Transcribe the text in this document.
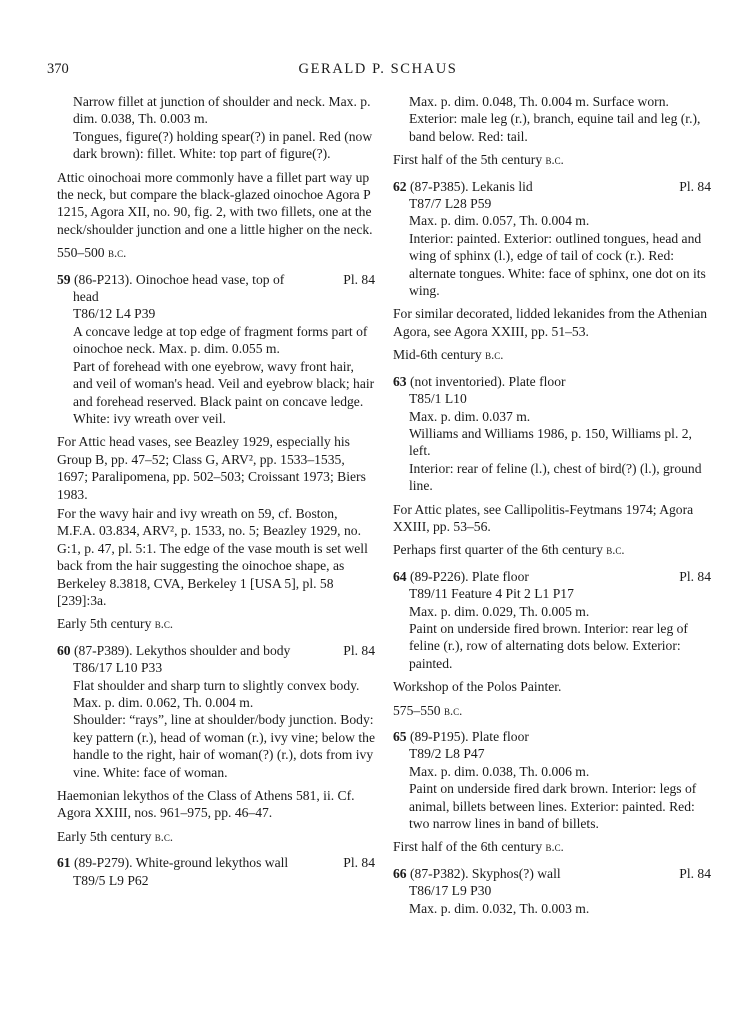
370	GERALD P. SCHAUS

Narrow fillet at junction of shoulder and neck. Max. p. dim. 0.038, Th. 0.003 m.

Tongues, figure(?) holding spear(?) in panel. Red (now dark brown): fillet. White: top part of figure(?).

Attic oinochoai more commonly have a fillet part way up the neck, but compare the black-glazed oinochoe Agora P 1215, Agora XII, no. 90, fig. 2, with two fillets, one at the neck/shoulder junction and one a little higher on the neck.

550–500 b.c.

59 (86-P213). Oinochoe head vase, top of	Pl. 84

head

T86/12 L4 P39

A concave ledge at top edge of fragment forms part of oinochoe neck. Max. p. dim. 0.055 m.

Part of forehead with one eyebrow, wavy front hair, and veil of woman's head. Veil and eyebrow black; hair and forehead reserved. Black paint on concave ledge. White: ivy wreath over veil.

For Attic head vases, see Beazley 1929, especially his Group B, pp. 47–52; Class G, ARV², pp. 1533–1535, 1697; Paralipomena, pp. 502–503; Croissant 1973; Biers 1983.

For the wavy hair and ivy wreath on 59, cf. Boston, M.F.A. 03.834, ARV², p. 1533, no. 5; Beazley 1929, no. G:1, p. 47, pl. 5:1. The edge of the vase mouth is set well back from the hair suggesting the oinochoe shape, as Berkeley 8.3818, CVA, Berkeley 1 [USA 5], pl. 58 [239]:3a.

Early 5th century b.c.

60 (87-P389). Lekythos shoulder and body	Pl. 84

T86/17 L10 P33

Flat shoulder and sharp turn to slightly convex body. Max. p. dim. 0.062, Th. 0.004 m.

Shoulder: “rays”, line at shoulder/body junction. Body: key pattern (r.), head of woman (r.), ivy vine; below the handle to the right, hair of woman(?) (r.), dots from ivy vine. White: face of woman.

Haemonian lekythos of the Class of Athens 581, ii. Cf. Agora XXIII, nos. 961–975, pp. 46–47.

Early 5th century b.c.

61 (89-P279). White-ground lekythos wall	Pl. 84

T89/5 L9 P62

Max. p. dim. 0.048, Th. 0.004 m. Surface worn.

Exterior: male leg (r.), branch, equine tail and leg (r.), band below. Red: tail.

First half of the 5th century b.c.

62 (87-P385). Lekanis lid	Pl. 84

T87/7 L28 P59

Max. p. dim. 0.057, Th. 0.004 m.

Interior: painted. Exterior: outlined tongues, head and wing of sphinx (l.), edge of tail of cock (r.). Red: alternate tongues. White: face of sphinx, one dot on its wing.

For similar decorated, lidded lekanides from the Athenian Agora, see Agora XXIII, pp. 51–53.

Mid-6th century b.c.

63 (not inventoried). Plate floor

T85/1 L10

Max. p. dim. 0.037 m.

Williams and Williams 1986, p. 150, Williams pl. 2, left.

Interior: rear of feline (l.), chest of bird(?) (l.), ground line.

For Attic plates, see Callipolitis-Feytmans 1974; Agora XXIII, pp. 53–56.

Perhaps first quarter of the 6th century b.c.

64 (89-P226). Plate floor	Pl. 84

T89/11 Feature 4 Pit 2 L1 P17

Max. p. dim. 0.029, Th. 0.005 m.

Paint on underside fired brown. Interior: rear leg of feline (r.), row of alternating dots below. Exterior: painted.

Workshop of the Polos Painter.

575–550 b.c.

65 (89-P195). Plate floor

T89/2 L8 P47

Max. p. dim. 0.038, Th. 0.006 m.

Paint on underside fired dark brown. Interior: legs of animal, billets between lines. Exterior: painted. Red: two narrow lines in band of billets.

First half of the 6th century b.c.

66 (87-P382). Skyphos(?) wall	Pl. 84

T86/17 L9 P30

Max. p. dim. 0.032, Th. 0.003 m.
